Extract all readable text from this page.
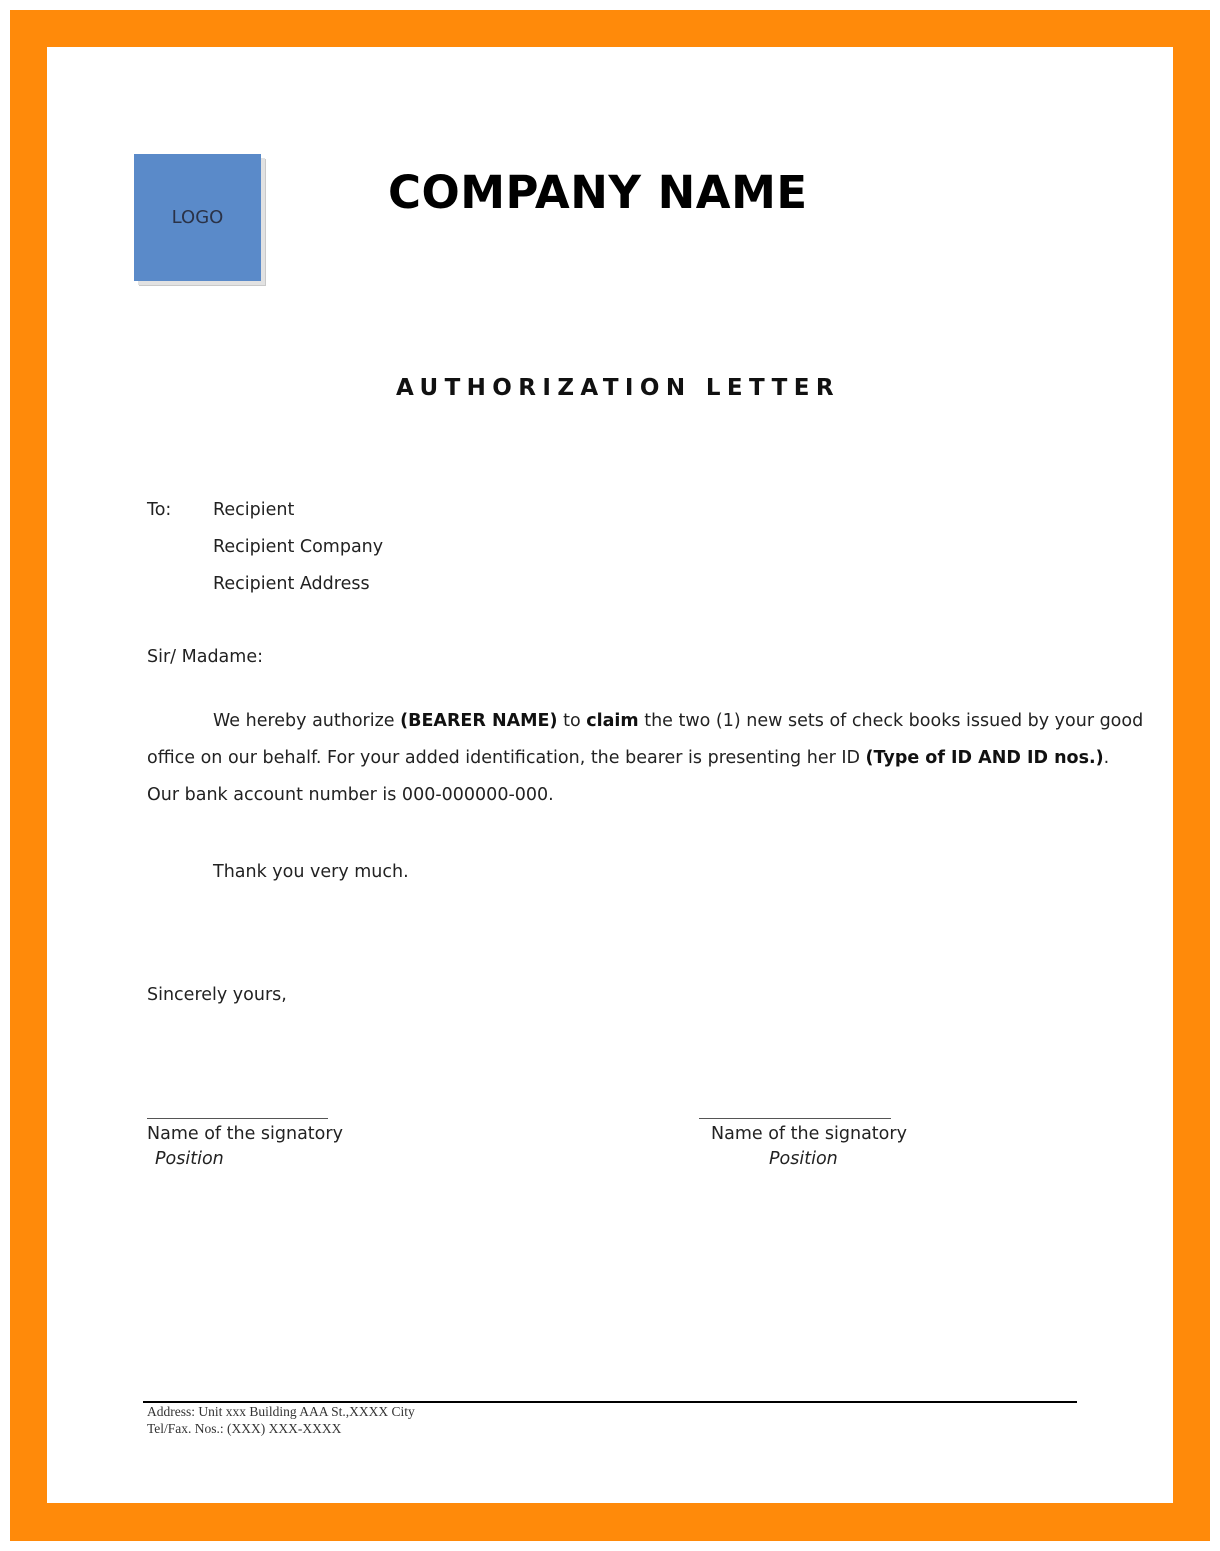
LOGO	COMPANY NAME
AUTHORIZATION LETTER
To: Recipient
Recipient Company
Recipient Address
Sir/ Madame:
We hereby authorize (BEARER NAME) to claim the two (1) new sets of check books issued by your good
office on our behalf. For your added identification, the bearer is presenting her ID (Type of ID AND ID nos.).
Our bank account number is 000-000000-000.
Thank you very much.
Sincerely yours,
Name of the signatory
Position
Name of the signatory
Position
Address: Unit xxx Building AAA St.,XXXX City
Tel/Fax. Nos.: (XXX) XXX-XXXX
